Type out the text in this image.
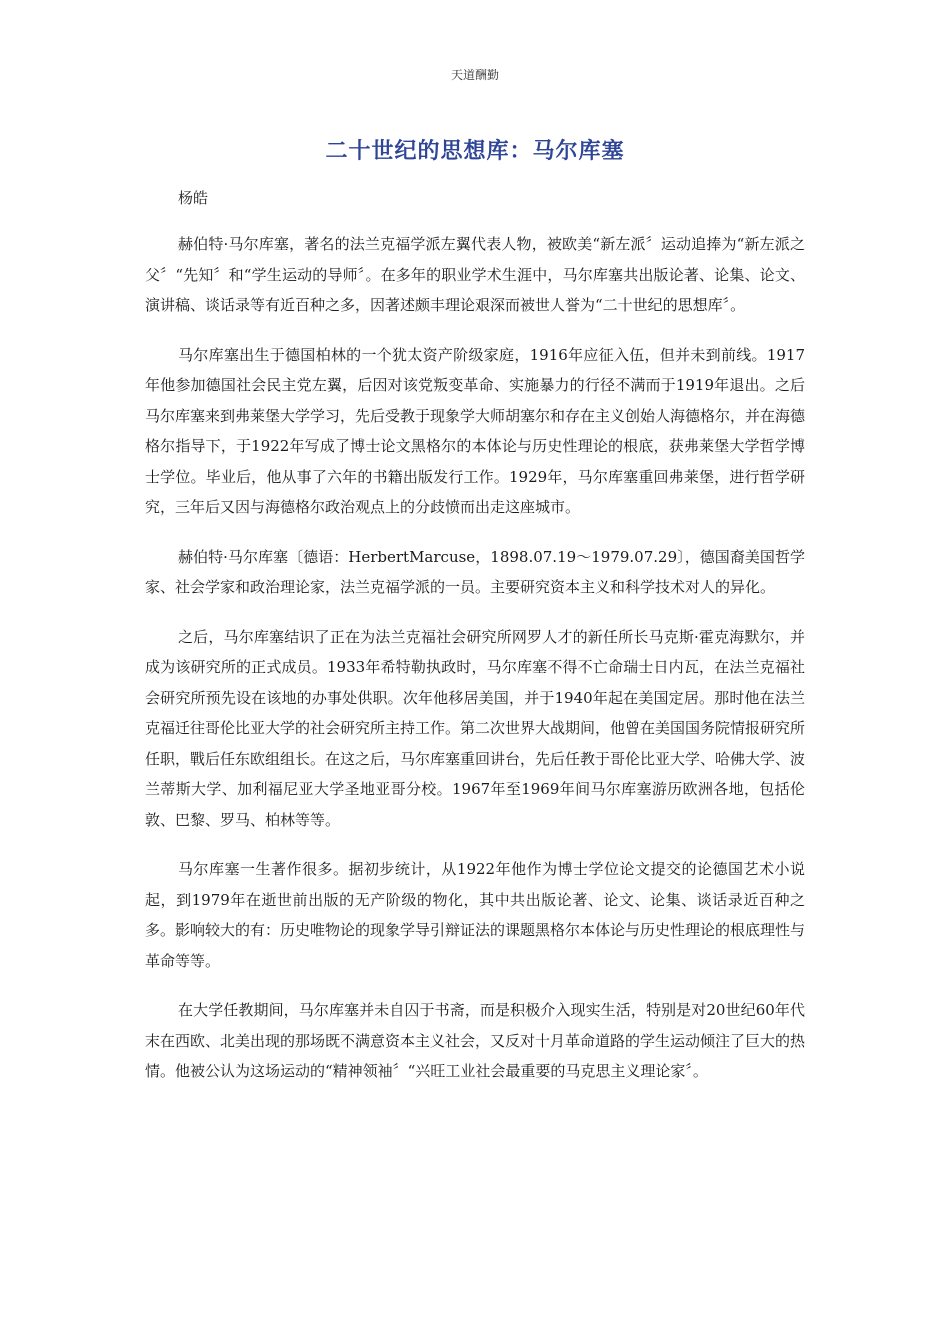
天道酬勤
二十世纪的思想库：马尔库塞
杨皓

赫伯特·马尔库塞，著名的法兰克福学派左翼代表人物，被欧美“新左派〞运动追捧为“新左派之父〞“先知〞和“学生运动的导师〞。在多年的职业学术生涯中，马尔库塞共出版论著、论集、论文、演讲稿、谈话录等有近百种之多，因著述颇丰理论艰深而被世人誉为“二十世纪的思想库〞。

马尔库塞出生于德国柏林的一个犹太资产阶级家庭，1916年应征入伍，但并未到前线。1917年他参加德国社会民主党左翼，后因对该党叛变革命、实施暴力的行径不满而于1919年退出。之后马尔库塞来到弗莱堡大学学习，先后受教于现象学大师胡塞尔和存在主义创始人海德格尔，并在海德格尔指导下，于1922年写成了博士论文黑格尔的本体论与历史性理论的根底，获弗莱堡大学哲学博士学位。毕业后，他从事了六年的书籍出版发行工作。1929年，马尔库塞重回弗莱堡，进行哲学研究，三年后又因与海德格尔政治观点上的分歧愤而出走这座城市。

赫伯特·马尔库塞〔德语：HerbertMarcuse，1898.07.19～1979.07.29〕，德国裔美国哲学家、社会学家和政治理论家，法兰克福学派的一员。主要研究资本主义和科学技术对人的异化。

之后，马尔库塞结识了正在为法兰克福社会研究所网罗人才的新任所长马克斯·霍克海默尔，并成为该研究所的正式成员。1933年希特勒执政时，马尔库塞不得不亡命瑞士日内瓦，在法兰克福社会研究所预先设在该地的办事处供职。次年他移居美国，并于1940年起在美国定居。那时他在法兰克福迁往哥伦比亚大学的社会研究所主持工作。第二次世界大战期间，他曾在美国国务院情报研究所任职，戰后任东欧组组长。在这之后，马尔库塞重回讲台，先后任教于哥伦比亚大学、哈佛大学、波兰蒂斯大学、加利福尼亚大学圣地亚哥分校。1967年至1969年间马尔库塞游历欧洲各地，包括伦敦、巴黎、罗马、柏林等等。

马尔库塞一生著作很多。据初步统计，从1922年他作为博士学位论文提交的论德国艺术小说起，到1979年在逝世前出版的无产阶级的物化，其中共出版论著、论文、论集、谈话录近百种之多。影响较大的有：历史唯物论的现象学导引辩证法的课题黑格尔本体论与历史性理论的根底理性与革命等等。

在大学任教期间，马尔库塞并未自囚于书斋，而是积极介入现实生活，特别是对20世纪60年代末在西欧、北美出现的那场既不满意资本主义社会，又反对十月革命道路的学生运动倾注了巨大的热情。他被公认为这场运动的“精神领袖〞“兴旺工业社会最重要的马克思主义理论家〞。
